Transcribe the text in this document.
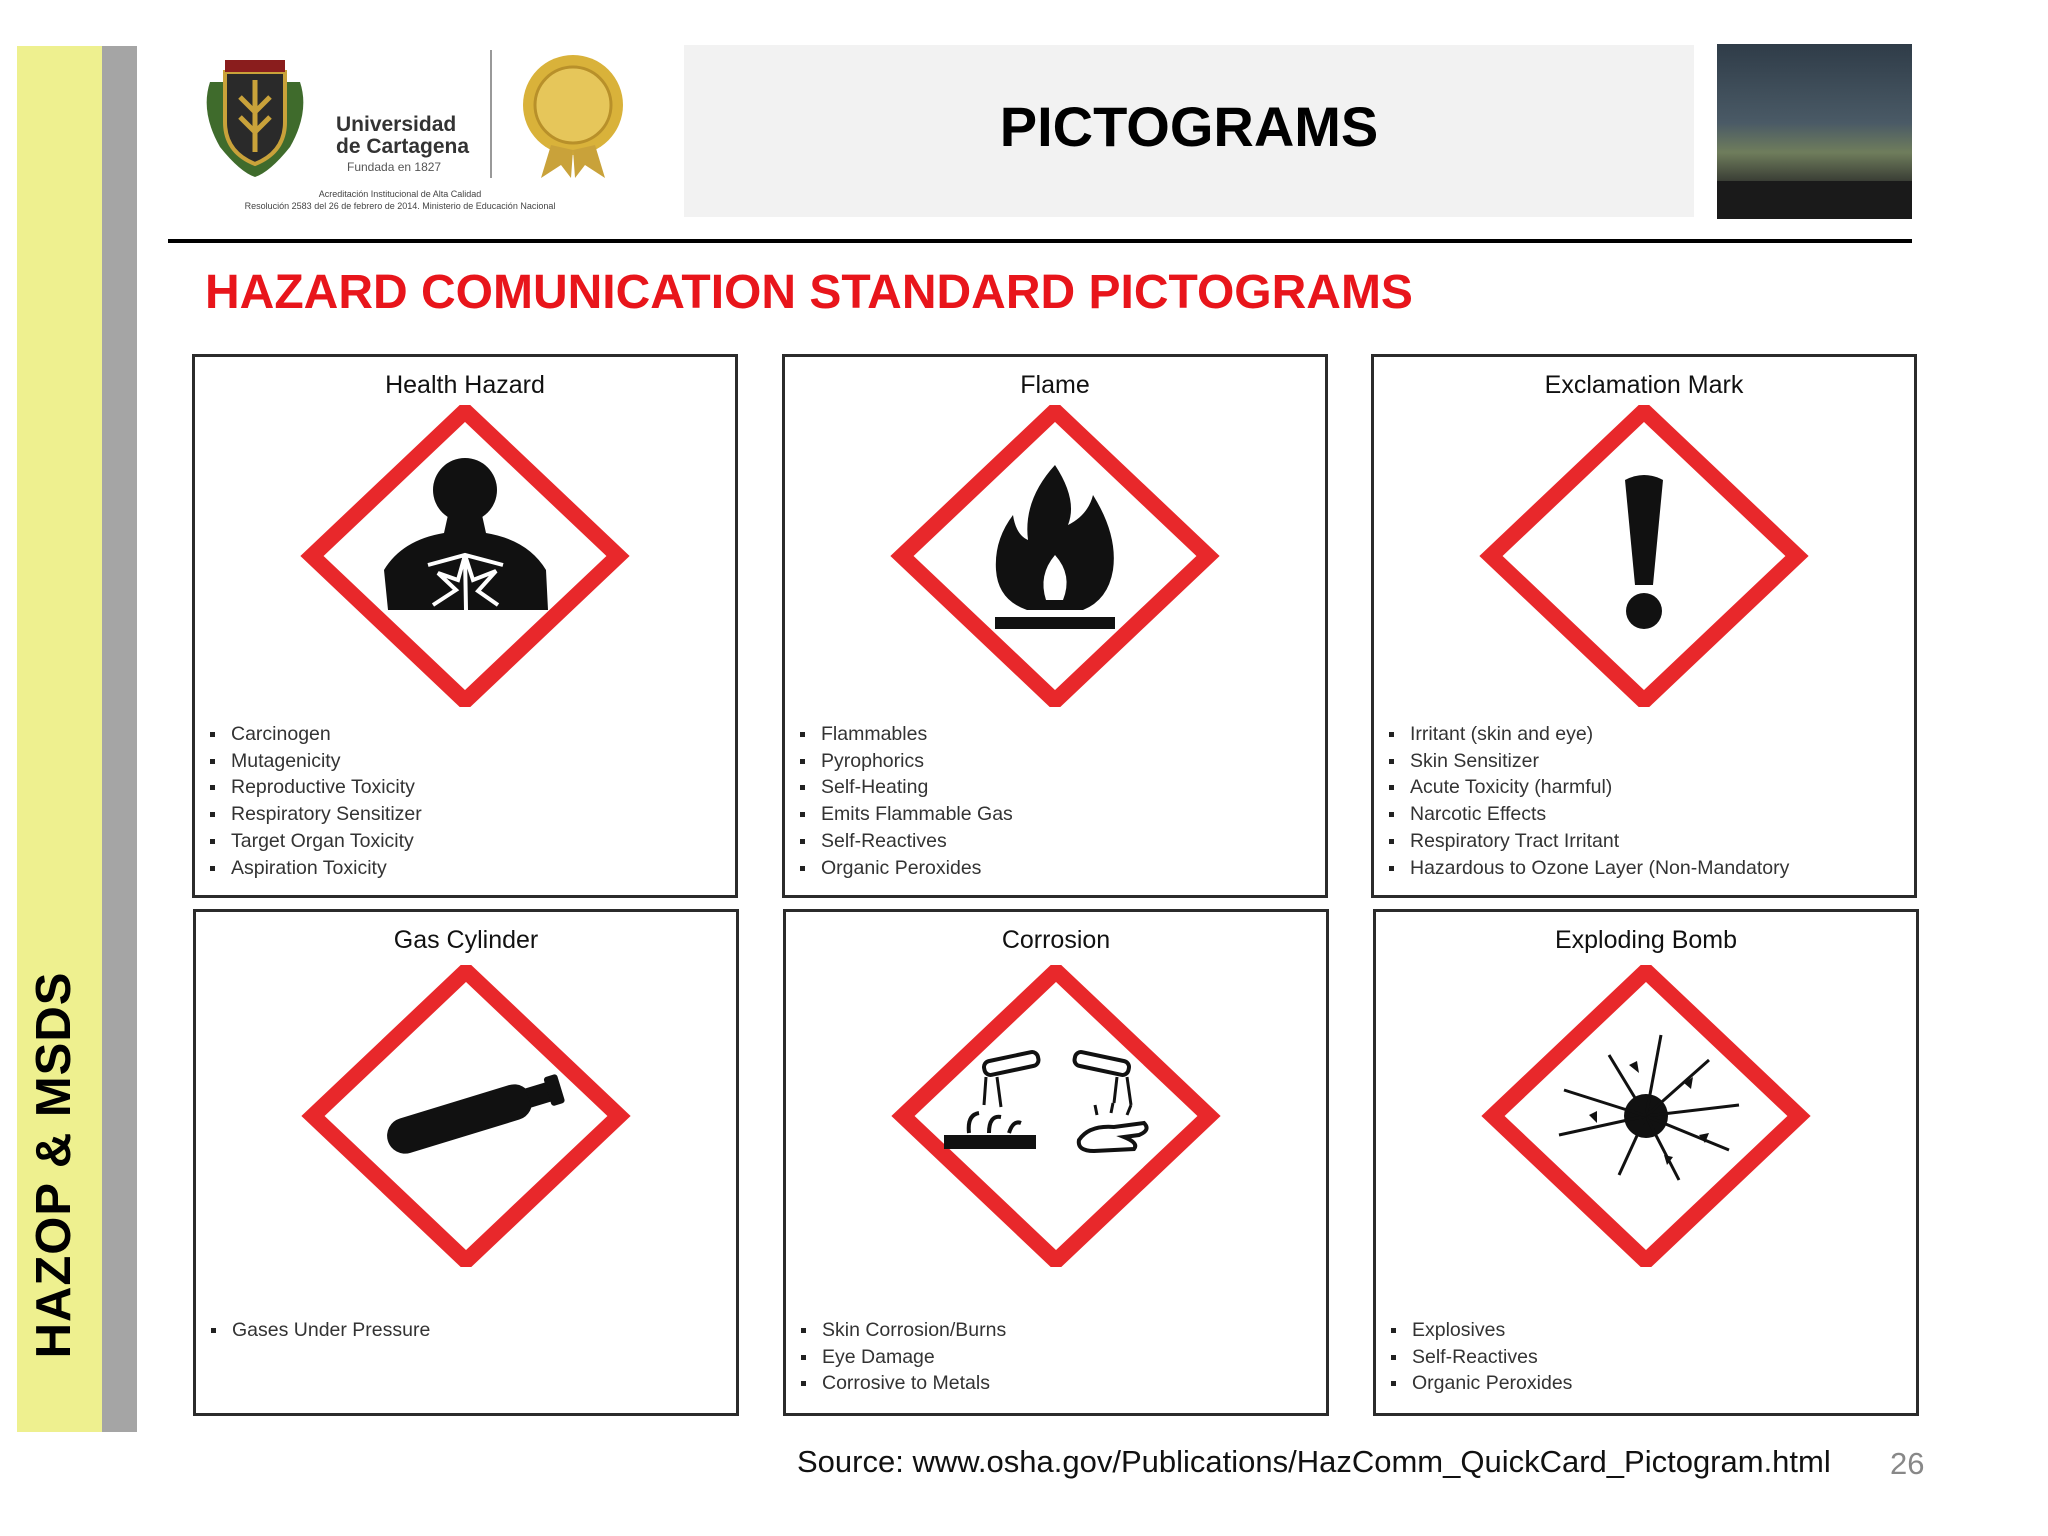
HAZOP & MSDS
Universidad
de Cartagena
Fundada en 1827
Acreditación Institucional de Alta Calidad
Resolución 2583 del 26 de febrero de 2014. Ministerio de Educación Nacional
PICTOGRAMS
HAZARD COMUNICATION STANDARD PICTOGRAMS
Health Hazard
Carcinogen
Mutagenicity
Reproductive Toxicity
Respiratory Sensitizer
Target Organ Toxicity
Aspiration Toxicity
Flame
Flammables
Pyrophorics
Self-Heating
Emits Flammable Gas
Self-Reactives
Organic Peroxides
Exclamation Mark
Irritant (skin and eye)
Skin Sensitizer
Acute Toxicity (harmful)
Narcotic Effects
Respiratory Tract Irritant
Hazardous to Ozone Layer (Non-Mandatory
Gas Cylinder
Gases Under Pressure
Corrosion
Skin Corrosion/Burns
Eye Damage
Corrosive to Metals
Exploding Bomb
Explosives
Self-Reactives
Organic Peroxides
Source: www.osha.gov/Publications/HazComm_QuickCard_Pictogram.html 26
